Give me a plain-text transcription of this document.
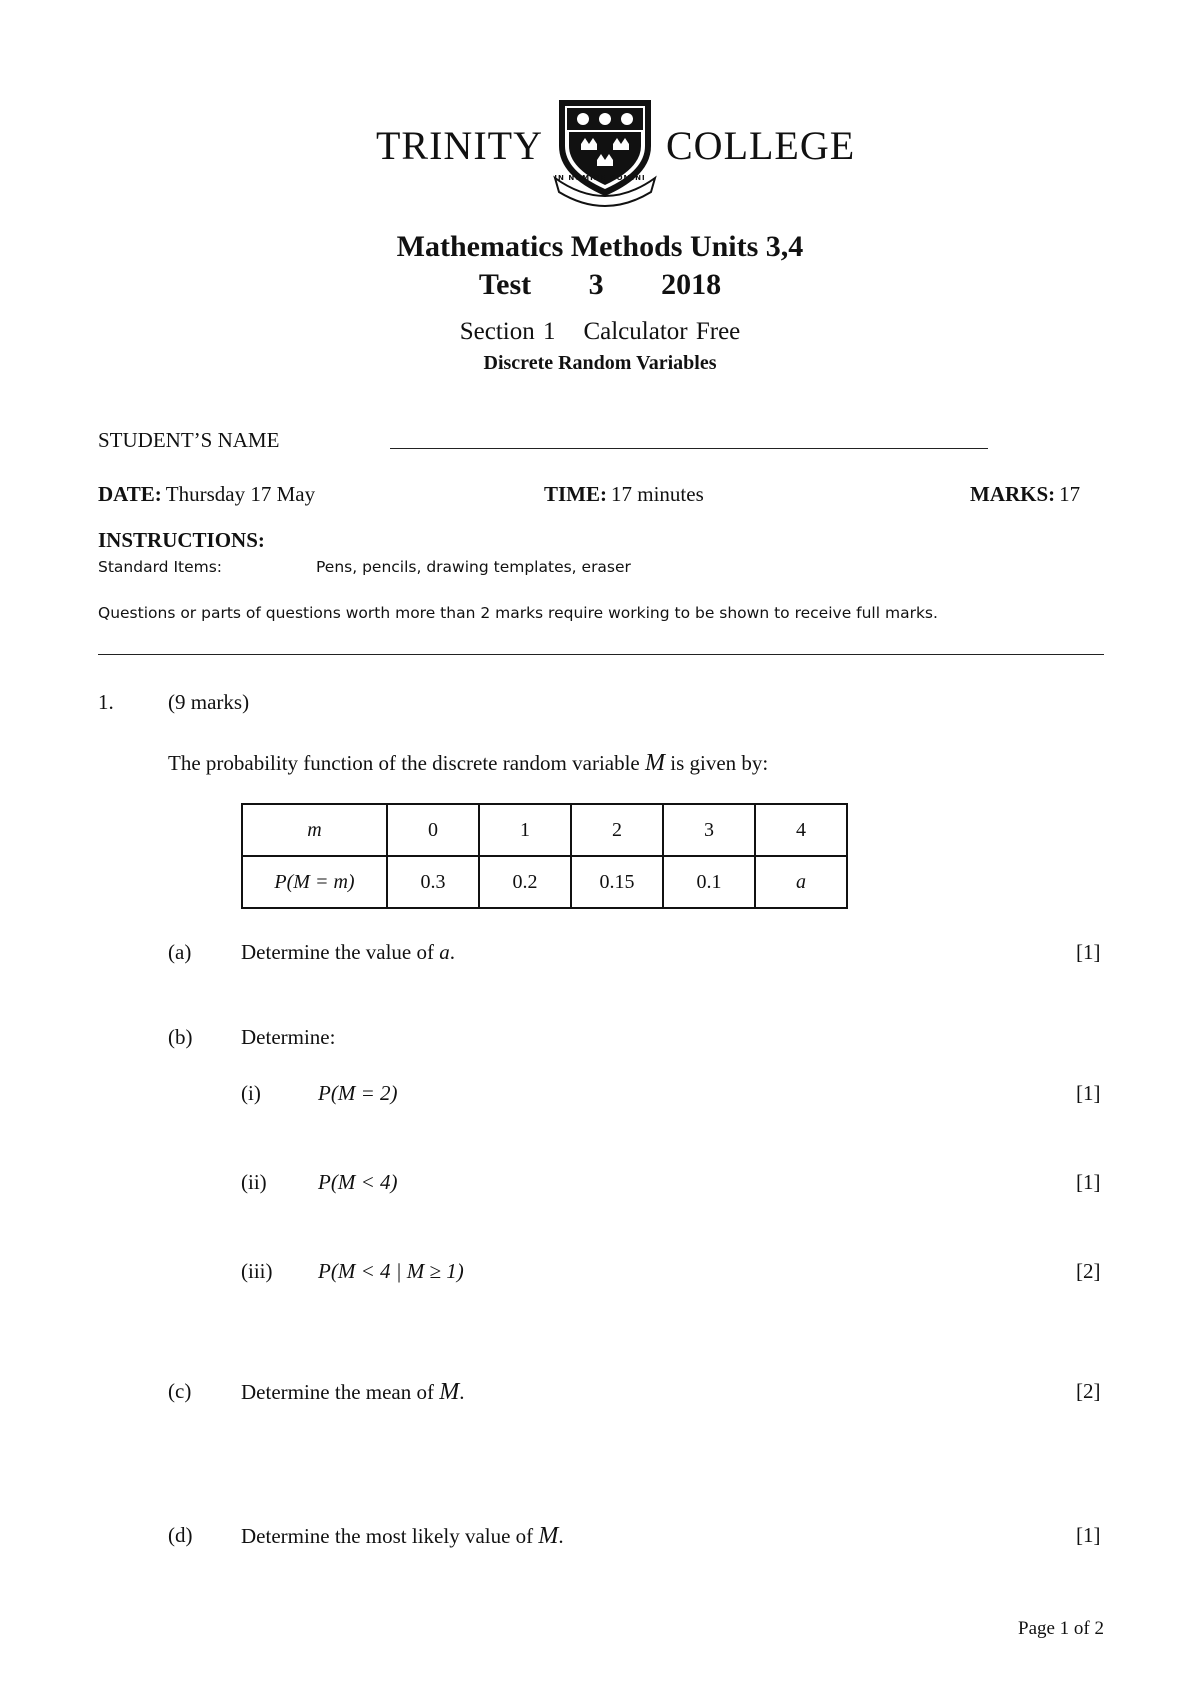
TRINITY
IN NOMINE DOMINI
COLLEGE
Mathematics Methods Units 3,4
Test 3 2018
Section 1 Calculator Free
Discrete Random Variables
STUDENT’S NAME
DATE: Thursday 17 May	TIME: 17 minutes	MARKS: 17
INSTRUCTIONS:
Standard Items:	Pens, pencils, drawing templates, eraser
Questions or parts of questions worth more than 2 marks require working to be shown to receive full marks.
1.	(9 marks)
The probability function of the discrete random variable M is given by:
m	0	1	2	3	4
P(M = m)	0.3	0.2	0.15	0.1	a
(a) Determine the value of a.	[1]
(b) Determine:
(i)	P(M = 2)	[1]
(ii) P(M < 4)	[1]
(iii) P(M < 4 | M ≥ 1)	[2]
(c) Determine the mean of M.	[2]
(d) Determine the most likely value of M.	[1]
Page 1 of 2
